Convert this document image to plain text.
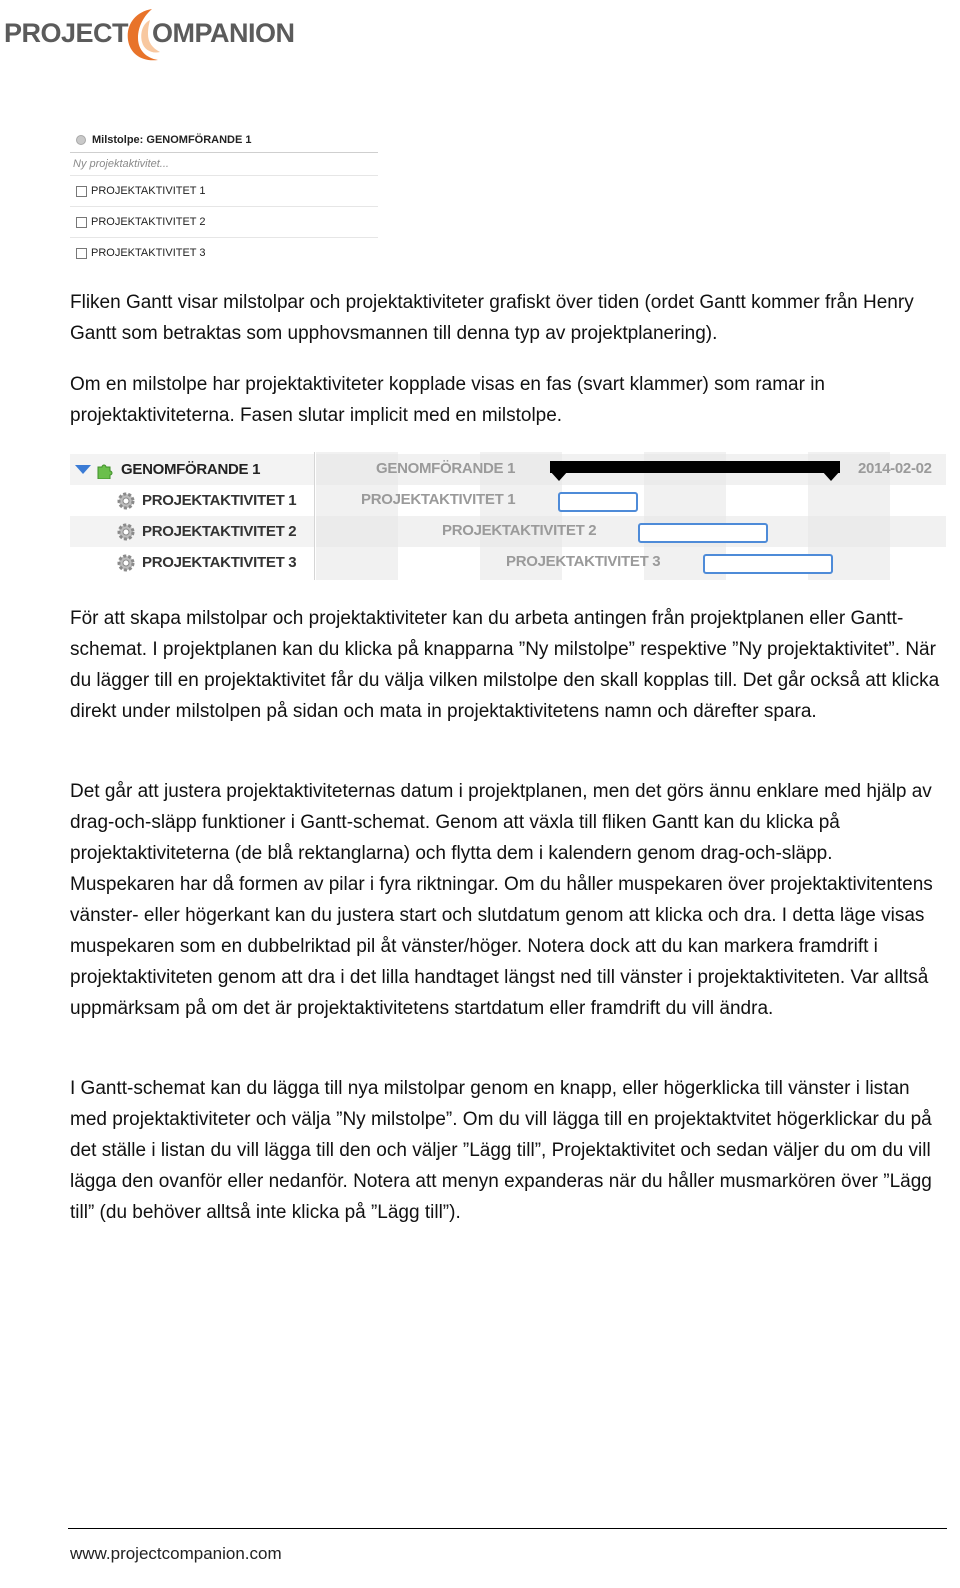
PROJECT OMPANION
Milstolpe: GENOMFÖRANDE 1
Ny projektaktivitet...
PROJEKTAKTIVITET 1
PROJEKTAKTIVITET 2
PROJEKTAKTIVITET 3

Fliken Gantt visar milstolpar och projektaktiviteter grafiskt över tiden (ordet Gantt kommer från Henry Gantt som betraktas som upphovsmannen till denna typ av projektplanering).

Om en milstolpe har projektaktiviteter kopplade visas en fas (svart klammer) som ramar in projektaktiviteterna. Fasen slutar implicit med en milstolpe.

GENOMFÖRANDE 1
PROJEKTAKTIVITET 1
PROJEKTAKTIVITET 2
PROJEKTAKTIVITET 3
GENOMFÖRANDE 1	2014-02-02
PROJEKTAKTIVITET 1
PROJEKTAKTIVITET 2
PROJEKTAKTIVITET 3

För att skapa milstolpar och projektaktiviteter kan du arbeta antingen från projektplanen eller Gantt-schemat. I projektplanen kan du klicka på knapparna ”Ny milstolpe” respektive ”Ny projektaktivitet”. När du lägger till en projektaktivitet får du välja vilken milstolpe den skall kopplas till. Det går också att klicka direkt under milstolpen på sidan och mata in projektaktivitetens namn och därefter spara.

Det går att justera projektaktiviteternas datum i projektplanen, men det görs ännu enklare med hjälp av drag-och-släpp funktioner i Gantt-schemat. Genom att växla till fliken Gantt kan du klicka på projektaktiviteterna (de blå rektanglarna) och flytta dem i kalendern genom drag-och-släpp. Muspekaren har då formen av pilar i fyra riktningar. Om du håller muspekaren över projektaktivitentens vänster- eller högerkant kan du justera start och slutdatum genom att klicka och dra. I detta läge visas muspekaren som en dubbelriktad pil åt vänster/höger. Notera dock att du kan markera framdrift i projektaktiviteten genom att dra i det lilla handtaget längst ned till vänster i projektaktiviteten. Var alltså uppmärksam på om det är projektaktivitetens startdatum eller framdrift du vill ändra.

I Gantt-schemat kan du lägga till nya milstolpar genom en knapp, eller högerklicka till vänster i listan med projektaktiviteter och välja ”Ny milstolpe”. Om du vill lägga till en projektaktvitet högerklickar du på det ställe i listan du vill lägga till den och väljer ”Lägg till”, Projektaktivitet och sedan väljer du om du vill lägga den ovanför eller nedanför. Notera att menyn expanderas när du håller musmarkören över ”Lägg till” (du behöver alltså inte klicka på ”Lägg till”).

www.projectcompanion.com
